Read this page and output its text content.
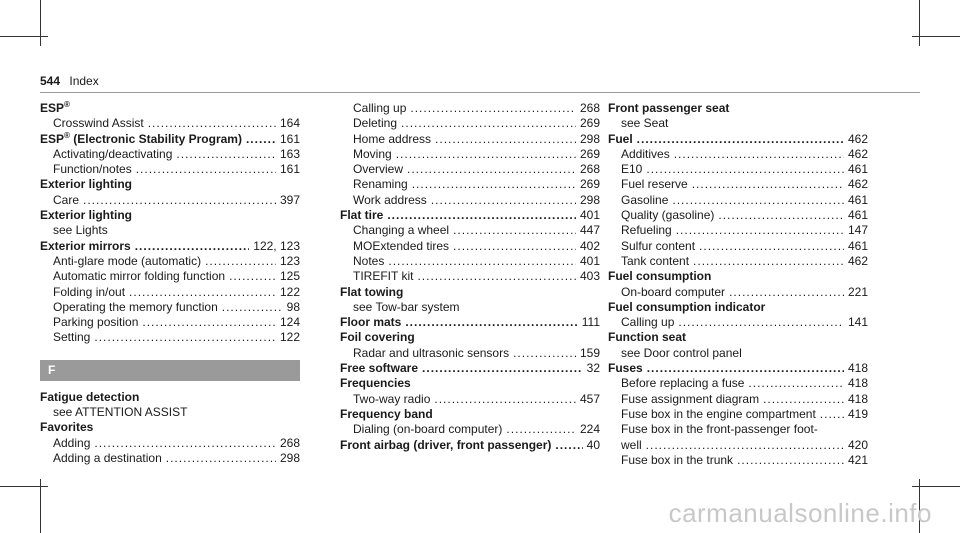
544 Index
ESP®
Crosswind Assist .....	164
ESP® (Electronic Stability Program) .....	161
Activating/deactivating .....	163
Function/notes .....	161
Exterior lighting
Care .....	397
Exterior lighting
see Lights
Exterior mirrors .....	122, 123
Anti-glare mode (automatic) .....	123
Automatic mirror folding function .....	125
Folding in/out .....	122
Operating the memory function .....	98
Parking position .....	124
Setting .....	122
F
Fatigue detection
see ATTENTION ASSIST
Favorites
Adding .....	268
Adding a destination .....	298
Calling up .....	268
Deleting .....	269
Home address .....	298
Moving .....	269
Overview .....	268
Renaming .....	269
Work address .....	298
Flat tire .....	401
Changing a wheel .....	447
MOExtended tires .....	402
Notes .....	401
TIREFIT kit .....	403
Flat towing
see Tow-bar system
Floor mats .....	111
Foil covering
Radar and ultrasonic sensors .....	159
Free software .....	32
Frequencies
Two-way radio .....	457
Frequency band
Dialing (on-board computer) .....	224
Front airbag (driver, front passenger) .....	40
Front passenger seat
see Seat
Fuel .....	462
Additives .....	462
E10 .....	461
Fuel reserve .....	462
Gasoline .....	461
Quality (gasoline) .....	461
Refueling .....	147
Sulfur content .....	461
Tank content .....	462
Fuel consumption
On-board computer .....	221
Fuel consumption indicator
Calling up .....	141
Function seat
see Door control panel
Fuses .....	418
Before replacing a fuse .....	418
Fuse assignment diagram .....	418
Fuse box in the engine compartment .....	419
Fuse box in the front-passenger foot-
well .....	420
Fuse box in the trunk .....	421
carmanualsonline.info
